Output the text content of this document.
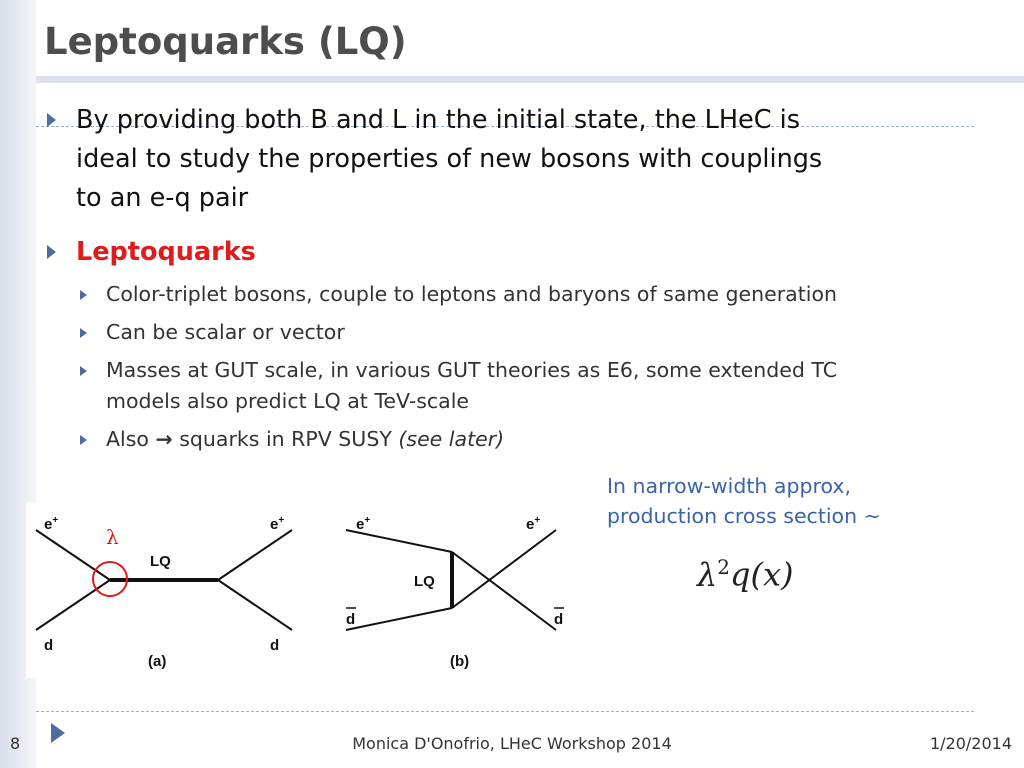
Leptoquarks (LQ)
By providing both B and L in the initial state, the LHeC is
ideal to study the properties of new bosons with couplings
to an e-q pair
Leptoquarks
Color-triplet bosons, couple to leptons and baryons of same generation
Can be scalar or vector
Masses at GUT scale, in various GUT theories as E6, some extended TC
models also predict LQ at TeV-scale
Also → squarks in RPV SUSY (see later)
In narrow-width approx,
production cross section ~
$\lambda^2q(x)$
λ
e+	e+
LQ
d	d
(a)
e+	e+
LQ
d	d
(b)
8	Monica D'Onofrio, LHeC Workshop 2014	1/20/2014
